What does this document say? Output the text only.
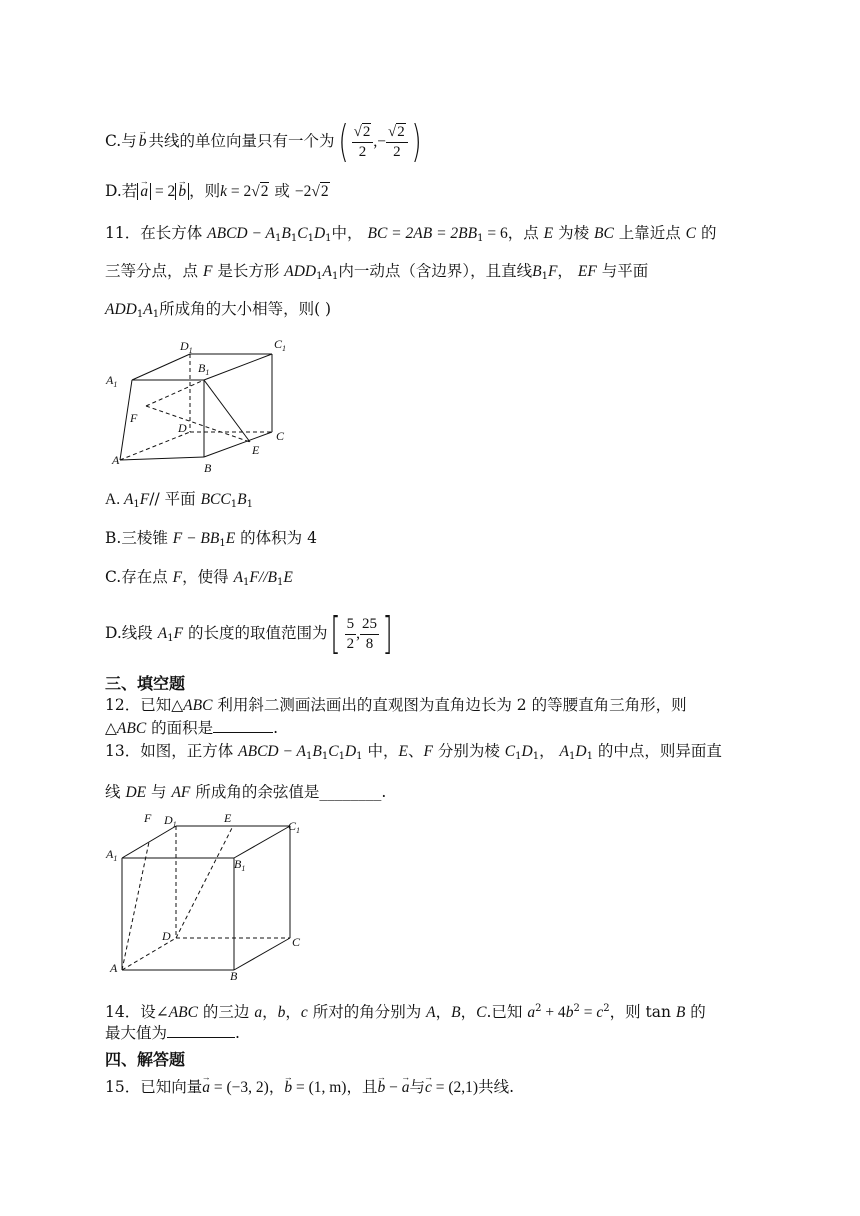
C.与 → b 共线的单位向量只有一个为( $\frac{√2}{2}$ ,− $\frac{√2}{2}$ )
D.若 → a = 2 → b ，则k = 2√2 或 −2√2
11．在长方体 ABCD − $A_1B_1C_1D_1$中， BC = $2AB = 2BB_1 = 6$，点 E 为棱 BC 上靠近点 C 的
三等分点，点 F 是长方形 $ADD_1A_1$内一动点（含边界），且直线$B_1F$， EF 与平面
$ADD_1A_1$所成角的大小相等，则( )
$D_1$	$C_1$
$A_1$
$B_1$
F
D
C
A
B
E
A. $A_1F//$ 平面 $BCC_1B_1$
B.三棱锥 $F - BB_1E$ 的体积为 4
C.存在点 F，使得 $A_1F//B_1E$
D.线段 $A_1F$ 的长度的取值范围为[ $\frac{5}{2}$ , $\frac{25}{8}$ ]
三、填空题
12．已知△ABC 利用斜二测画法画出的直观图为直角边长为 2 的等腰直角三角形，则
△ABC 的面积是	.
13．如图，正方体 ABCD − $A_1B_1C_1D_1$ 中，E、F 分别为棱 $C_1D_1$， $A_1D_1$ 的中点，则异面直
线 DE 与 AF 所成角的余弦值是________.
F $D_1$	E
$C_1$
$A_1$	$B_1$
D	C
A
B
14．设∠ABC 的三边 a，b，c 所对的角分别为 A，B，C.已知 $a^2 + 4b^2 = c^2$，则 tan B 的
最大值为	.
四、解答题
15．已知向量→ a = (−3, 2)，→ b = (1, m)，且→ b − → a与→ c = (2,1)共线.
